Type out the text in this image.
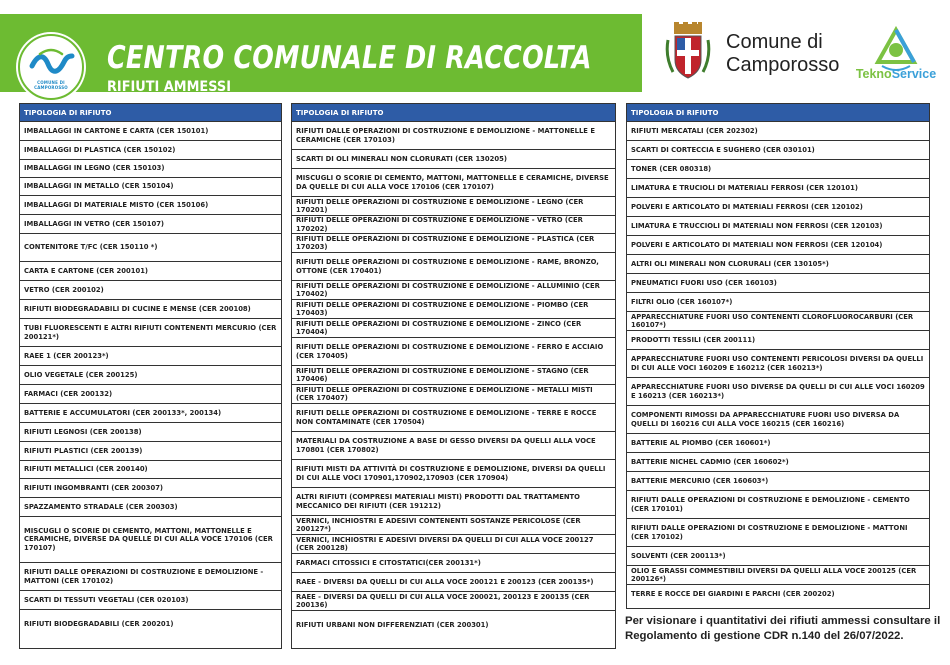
COMUNE DI CAMPOROSSO
CENTRO COMUNALE DI RACCOLTA
RIFIUTI AMMESSI
Comune di
Camporosso	TeknoService
TIPOLOGIA DI RIFIUTO
IMBALLAGGI IN CARTONE E CARTA (CER 150101)
IMBALLAGGI DI PLASTICA (CER 150102)
IMBALLAGGI IN LEGNO (CER 150103)
IMBALLAGGI IN METALLO (CER 150104)
IMBALLAGGI DI MATERIALE MISTO (CER 150106)
IMBALLAGGI IN VETRO (CER 150107)
CONTENITORE T/FC (CER 150110 *)
CARTA E CARTONE (CER 200101)
VETRO (CER 200102)
RIFIUTI BIODEGRADABILI DI CUCINE E MENSE (CER 200108)
TUBI FLUORESCENTI E ALTRI RIFIUTI CONTENENTI MERCURIO (CER 200121*)
RAEE 1 (CER 200123*)
OLIO VEGETALE (CER 200125)
FARMACI (CER 200132)
BATTERIE E ACCUMULATORI (CER 200133*, 200134)
RIFIUTI LEGNOSI (CER 200138)
RIFIUTI PLASTICI (CER 200139)
RIFIUTI METALLICI (CER 200140)
RIFIUTI INGOMBRANTI (CER 200307)
SPAZZAMENTO STRADALE (CER 200303)
MISCUGLI O SCORIE DI CEMENTO, MATTONI, MATTONELLE E CERAMICHE, DIVERSE DA QUELLE DI CUI ALLA VOCE 170106 (CER 170107)
RIFIUTI DALLE OPERAZIONI DI COSTRUZIONE E DEMOLIZIONE - MATTONI (CER 170102)
SCARTI DI TESSUTI VEGETALI (CER 020103)
RIFIUTI BIODEGRADABILI (CER 200201)
TIPOLOGIA DI RIFIUTO
RIFIUTI DALLE OPERAZIONI DI COSTRUZIONE E DEMOLIZIONE - MATTONELLE E CERAMICHE (CER 170103)
SCARTI DI OLI MINERALI NON CLORURATI (CER 130205)
MISCUGLI O SCORIE DI CEMENTO, MATTONI, MATTONELLE E CERAMICHE, DIVERSE DA QUELLE DI CUI ALLA VOCE 170106 (CER 170107)
RIFIUTI DELLE OPERAZIONI DI COSTRUZIONE E DEMOLIZIONE - LEGNO (CER 170201)
RIFIUTI DELLE OPERAZIONI DI COSTRUZIONE E DEMOLIZIONE - VETRO (CER 170202)
RIFIUTI DELLE OPERAZIONI DI COSTRUZIONE E DEMOLIZIONE - PLASTICA (CER 170203)
RIFIUTI DELLE OPERAZIONI DI COSTRUZIONE E DEMOLIZIONE - RAME, BRONZO, OTTONE (CER 170401)
RIFIUTI DELLE OPERAZIONI DI COSTRUZIONE E DEMOLIZIONE - ALLUMINIO (CER 170402)
RIFIUTI DELLE OPERAZIONI DI COSTRUZIONE E DEMOLIZIONE - PIOMBO (CER 170403)
RIFIUTI DELLE OPERAZIONI DI COSTRUZIONE E DEMOLIZIONE - ZINCO (CER 170404)
RIFIUTI DELLE OPERAZIONI DI COSTRUZIONE E DEMOLIZIONE - FERRO E ACCIAIO (CER 170405)
RIFIUTI DELLE OPERAZIONI DI COSTRUZIONE E DEMOLIZIONE - STAGNO (CER 170406)
RIFIUTI DELLE OPERAZIONI DI COSTRUZIONE E DEMOLIZIONE - METALLI MISTI (CER 170407)
RIFIUTI DELLE OPERAZIONI DI COSTRUZIONE E DEMOLIZIONE - TERRE E ROCCE NON CONTAMINATE (CER 170504)
MATERIALI DA COSTRUZIONE A BASE DI GESSO DIVERSI DA QUELLI ALLA VOCE 170801 (CER 170802)
RIFIUTI MISTI DA ATTIVITÀ DI COSTRUZIONE E DEMOLIZIONE, DIVERSI DA QUELLI DI CUI ALLE VOCI 170901,170902,170903 (CER 170904)
ALTRI RIFIUTI (COMPRESI MATERIALI MISTI) PRODOTTI DAL TRATTAMENTO MECCANICO DEI RIFIUTI (CER 191212)
VERNICI, INCHIOSTRI E ADESIVI CONTENENTI SOSTANZE PERICOLOSE (CER 200127*)
VERNICI, INCHIOSTRI E ADESIVI DIVERSI DA QUELLI DI CUI ALLA VOCE 200127 (CER 200128)
FARMACI CITOSSICI E CITOSTATICI(CER 200131*)
RAEE - DIVERSI DA QUELLI DI CUI ALLA VOCE 200121 E 200123 (CER 200135*)
RAEE - DIVERSI DA QUELLI DI CUI ALLA VOCE 200021, 200123 E 200135 (CER 200136)
RIFIUTI URBANI NON DIFFERENZIATI (CER 200301)
TIPOLOGIA DI RIFIUTO
RIFIUTI MERCATALI (CER 202302)
SCARTI DI CORTECCIA E SUGHERO (CER 030101)
TONER (CER 080318)
LIMATURA E TRUCIOLI DI MATERIALI FERROSI (CER 120101)
POLVERI E ARTICOLATO DI MATERIALI FERROSI (CER 120102)
LIMATURA E TRUCCIOLI DI MATERIALI NON FERROSI (CER 120103)
POLVERI E ARTICOLATO DI MATERIALI NON FERROSI (CER 120104)
ALTRI OLI MINERALI NON CLORURALI (CER 130105*)
PNEUMATICI FUORI USO (CER 160103)
FILTRI OLIO (CER 160107*)
APPARECCHIATURE FUORI USO CONTENENTI CLOROFLUOROCARBURI (CER 160107*)
PRODOTTI TESSILI (CER 200111)
APPARECCHIATURE FUORI USO CONTENENTI PERICOLOSI DIVERSI DA QUELLI DI CUI ALLE VOCI 160209 E 160212 (CER 160213*)
APPARECCHIATURE FUORI USO DIVERSE DA QUELLI DI CUI ALLE VOCI 160209 E 160213 (CER 160213*)
COMPONENTI RIMOSSI DA APPARECCHIATURE FUORI USO DIVERSA DA QUELLI DI 160216 CUI ALLA VOCE 160215 (CER 160216)
BATTERIE AL PIOMBO (CER 160601*)
BATTERIE NICHEL CADMIO (CER 160602*)
BATTERIE MERCURIO (CER 160603*)
RIFIUTI DALLE OPERAZIONI DI COSTRUZIONE E DEMOLIZIONE - CEMENTO (CER 170101)
RIFIUTI DALLE OPERAZIONI DI COSTRUZIONE E DEMOLIZIONE - MATTONI (CER 170102)
SOLVENTI (CER 200113*)
OLIO E GRASSI COMMESTIBILI DIVERSI DA QUELLI ALLA VOCE 200125 (CER 200126*)
TERRE E ROCCE DEI GIARDINI E PARCHI (CER 200202)
Per visionare i quantitativi dei rifiuti ammessi consultare il Regolamento di gestione CDR n.140 del 26/07/2022.
